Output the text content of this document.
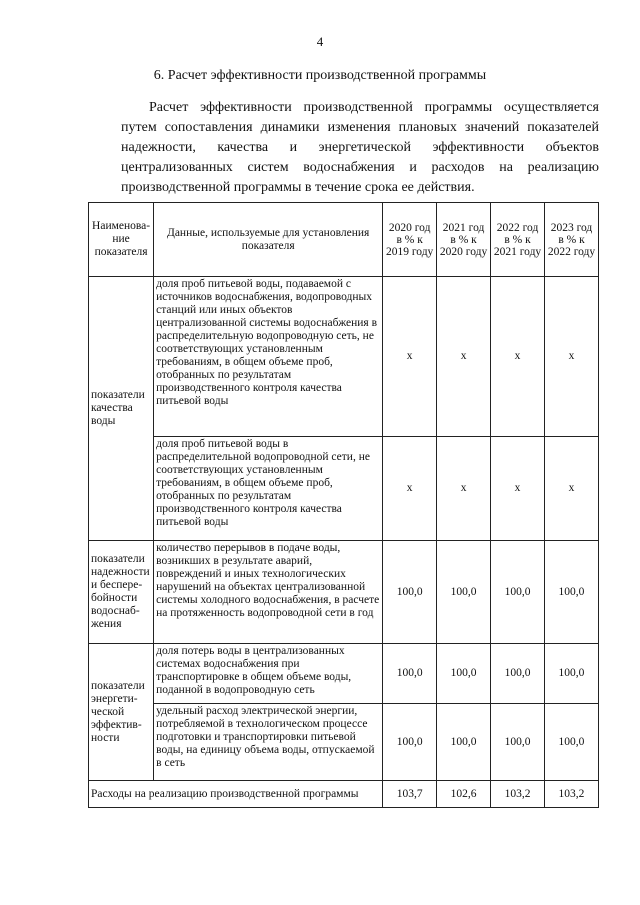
4
6. Расчет эффективности производственной программы

Расчет эффективности производственной программы осуществляется путем сопоставления динамики изменения плановых значений показателей надежности, качества и энергетической эффективности объектов централизованных систем водоснабжения и расходов на реализацию производственной программы в течение срока ее действия.

Наименова-ние показателя	Данные, используемые для установления показателя	2020 год в % к 2019 году	2021 год в % к 2020 году	2022 год в % к 2021 году	2023 год в % к 2022 году
показатели качества воды	доля проб питьевой воды, подаваемой с источников водоснабжения, водопроводных станций или иных объектов централизованной системы водоснабжения в распределительную водопроводную сеть, не соответствующих установленным требованиям, в общем объеме проб, отобранных по результатам производственного контроля качества питьевой воды	х	х	х	х
	доля проб питьевой воды в распределительной водопроводной сети, не соответствующих установленным требованиям, в общем объеме проб, отобранных по результатам производственного контроля качества питьевой воды	х	х	х	х
показатели надежности и беспере-бойности водоснаб-жения	количество перерывов в подаче воды, возникших в результате аварий, повреждений и иных технологических нарушений на объектах централизованной системы холодного водоснабжения, в расчете на протяженность водопроводной сети в год	100,0	100,0	100,0	100,0
показатели энергети-ческой эффектив-ности	доля потерь воды в централизованных системах водоснабжения при транспортировке в общем объеме воды, поданной в водопроводную сеть	100,0	100,0	100,0	100,0
	удельный расход электрической энергии, потребляемой в технологическом процессе подготовки и транспортировки питьевой воды, на единицу объема воды, отпускаемой в сеть	100,0	100,0	100,0	100,0
Расходы на реализацию производственной программы		103,7	102,6	103,2	103,2
